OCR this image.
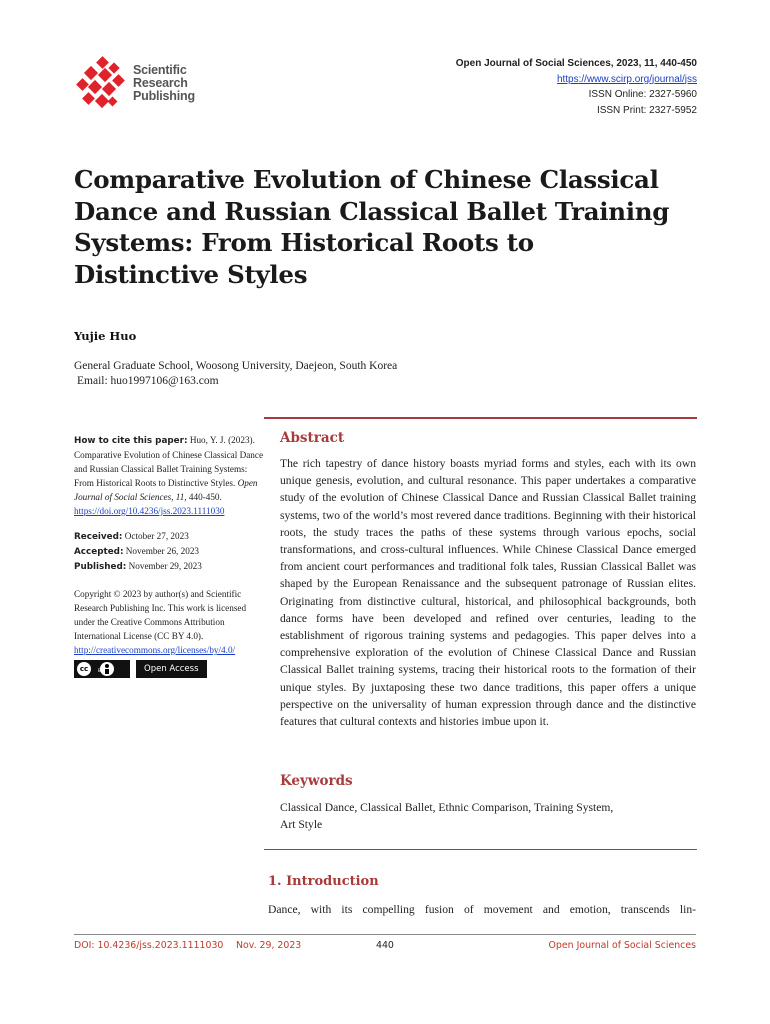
Scientific
Research
Publishing
Open Journal of Social Sciences, 2023, 11, 440-450
https://www.scirp.org/journal/jss
ISSN Online: 2327-5960
ISSN Print: 2327-5952
Comparative Evolution of Chinese Classical Dance and Russian Classical Ballet Training Systems: From Historical Roots to Distinctive Styles
Yujie Huo
General Graduate School, Woosong University, Daejeon, South Korea
Email: huo1997106@163.com

How to cite this paper: Huo, Y. J. (2023). Comparative Evolution of Chinese Classical Dance and Russian Classical Ballet Training Systems: From Historical Roots to Distinctive Styles. Open Journal of Social Sciences, 11, 440-450.
https://doi.org/10.4236/jss.2023.1111030

Received: October 27, 2023

Accepted: November 26, 2023

Published: November 29, 2023

Copyright © 2023 by author(s) and Scientific Research Publishing Inc. This work is licensed under the Creative Commons Attribution International License (CC BY 4.0).

http://creativecommons.org/licenses/by/4.0/

cc	BY	Open Access
Abstract

The rich tapestry of dance history boasts myriad forms and styles, each with its own unique genesis, evolution, and cultural resonance. This paper undertakes a comparative study of the evolution of Chinese Classical Dance and Russian Classical Ballet training systems, two of the world’s most revered dance traditions. Beginning with their historical roots, the study traces the paths of these systems through various epochs, social transformations, and cross-cultural influences. While Chinese Classical Dance emerged from ancient court performances and traditional folk tales, Russian Classical Ballet was shaped by the European Renaissance and the subsequent patronage of Russian elites. Originating from distinctive cultural, historical, and philosophical backgrounds, both dance forms have been developed and refined over centuries, leading to the establishment of rigorous training systems and pedagogies. This paper delves into a comprehensive exploration of the evolution of Chinese Classical Dance and Russian Classical Ballet training systems, tracing their historical roots to the formation of their unique styles. By juxtaposing these two dance traditions, this paper offers a unique perspective on the universality of human expression through dance and the distinctive features that cultural contexts and histories imbue upon it.

Keywords
Classical Dance, Classical Ballet, Ethnic Comparison, Training System,
Art Style
1. Introduction
Dance, with its compelling fusion of movement and emotion, transcends lin-
DOI: 10.4236/jss.2023.1111030 Nov. 29, 2023	440	Open Journal of Social Sciences
